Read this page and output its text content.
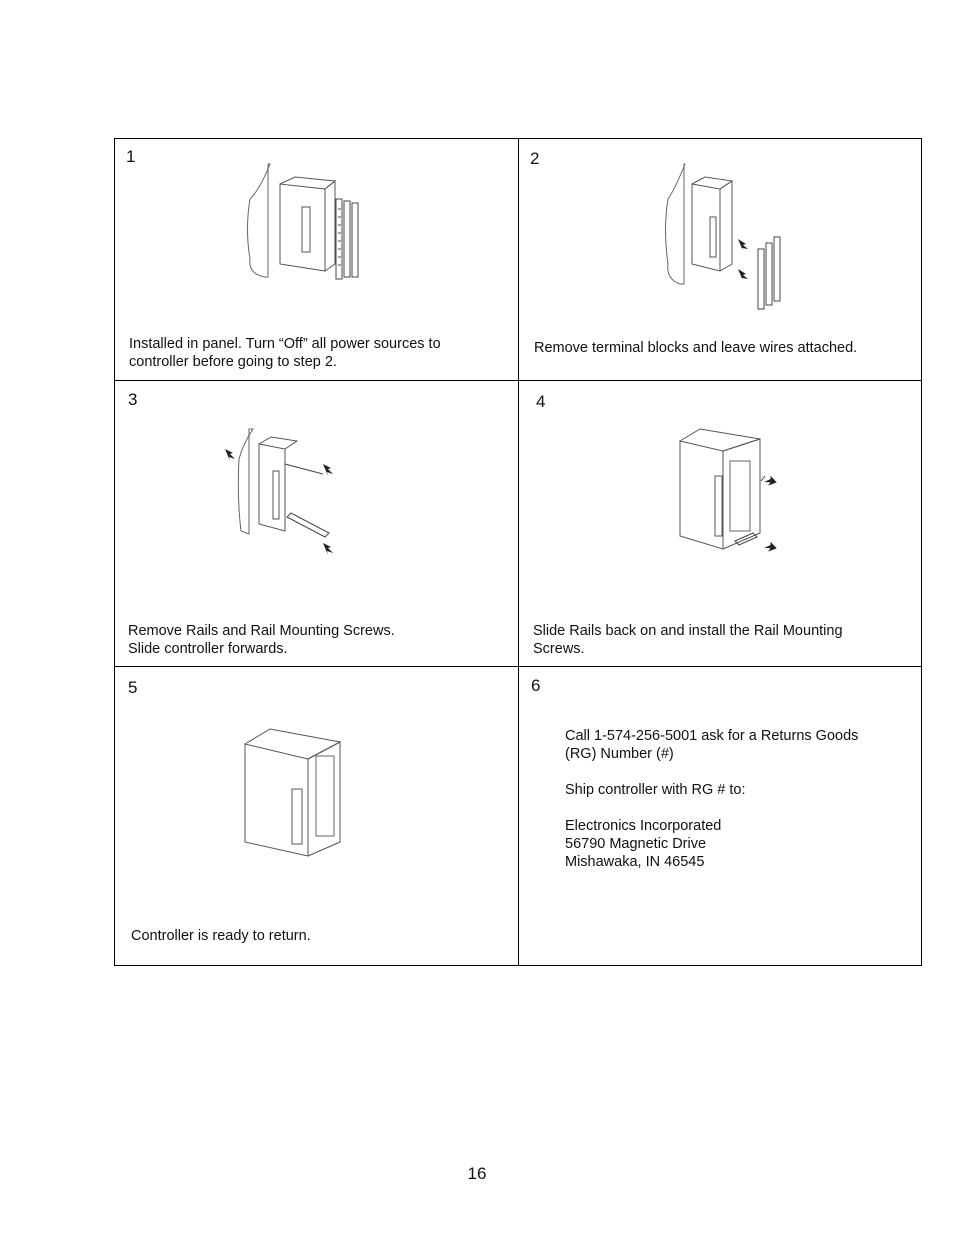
1
Installed in panel. Turn “Off” all power sources to
controller before going to step 2.
2
Remove terminal blocks and leave wires attached.
3
Remove Rails and Rail Mounting Screws.
Slide controller forwards.
4
Slide Rails back on and install the Rail Mounting
Screws.
5
Controller is ready to return.
6
Call 1-574-256-5001 ask for a Returns Goods
(RG) Number (#)
Ship controller with RG # to:
Electronics Incorporated
56790 Magnetic Drive
Mishawaka, IN 46545
16
